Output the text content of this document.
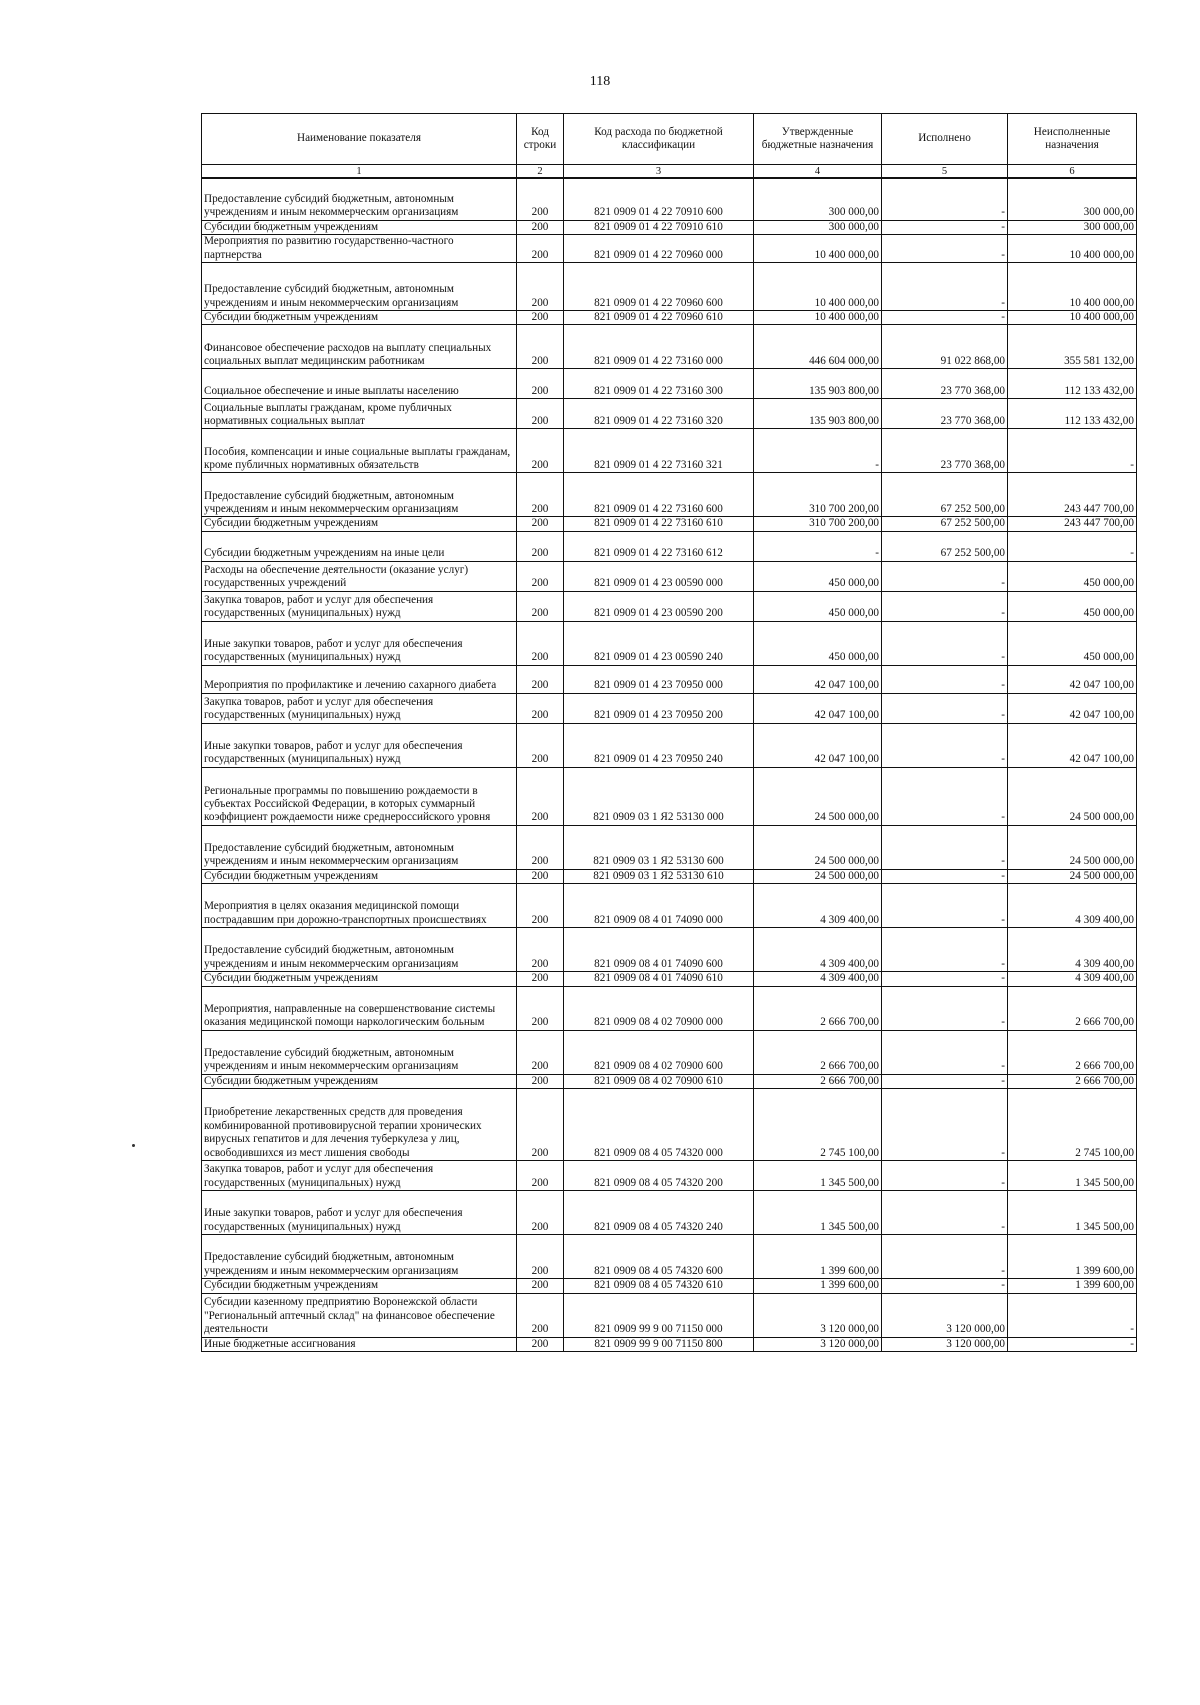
118
Наименование показателя	Код строки	Код расхода по бюджетной классификации	Утвержденные бюджетные назначения	Исполнено	Неисполненные назначения
1	2	3	4	5	6
Предоставление субсидий бюджетным, автономным учреждениям и иным некоммерческим организациям	200	821 0909 01 4 22 70910 600	300 000,00	-	300 000,00
Субсидии бюджетным учреждениям	200	821 0909 01 4 22 70910 610	300 000,00	-	300 000,00
Мероприятия по развитию государственно-частного партнерства	200	821 0909 01 4 22 70960 000	10 400 000,00	-	10 400 000,00
Предоставление субсидий бюджетным, автономным учреждениям и иным некоммерческим организациям	200	821 0909 01 4 22 70960 600	10 400 000,00	-	10 400 000,00
Субсидии бюджетным учреждениям	200	821 0909 01 4 22 70960 610	10 400 000,00	-	10 400 000,00
Финансовое обеспечение расходов на выплату специальных социальных выплат медицинским работникам	200	821 0909 01 4 22 73160 000	446 604 000,00	91 022 868,00	355 581 132,00
Социальное обеспечение и иные выплаты населению	200	821 0909 01 4 22 73160 300	135 903 800,00	23 770 368,00	112 133 432,00
Социальные выплаты гражданам, кроме публичных нормативных социальных выплат	200	821 0909 01 4 22 73160 320	135 903 800,00	23 770 368,00	112 133 432,00
Пособия, компенсации и иные социальные выплаты гражданам, кроме публичных нормативных обязательств	200	821 0909 01 4 22 73160 321	-	23 770 368,00	-
Предоставление субсидий бюджетным, автономным учреждениям и иным некоммерческим организациям	200	821 0909 01 4 22 73160 600	310 700 200,00	67 252 500,00	243 447 700,00
Субсидии бюджетным учреждениям	200	821 0909 01 4 22 73160 610	310 700 200,00	67 252 500,00	243 447 700,00
Субсидии бюджетным учреждениям на иные цели	200	821 0909 01 4 22 73160 612	-	67 252 500,00	-
Расходы на обеспечение деятельности (оказание услуг) государственных учреждений	200	821 0909 01 4 23 00590 000	450 000,00	-	450 000,00
Закупка товаров, работ и услуг для обеспечения государственных (муниципальных) нужд	200	821 0909 01 4 23 00590 200	450 000,00	-	450 000,00
Иные закупки товаров, работ и услуг для обеспечения государственных (муниципальных) нужд	200	821 0909 01 4 23 00590 240	450 000,00	-	450 000,00
Мероприятия по профилактике и лечению сахарного диабета	200	821 0909 01 4 23 70950 000	42 047 100,00	-	42 047 100,00
Закупка товаров, работ и услуг для обеспечения государственных (муниципальных) нужд	200	821 0909 01 4 23 70950 200	42 047 100,00	-	42 047 100,00
Иные закупки товаров, работ и услуг для обеспечения государственных (муниципальных) нужд	200	821 0909 01 4 23 70950 240	42 047 100,00	-	42 047 100,00
Региональные программы по повышению рождаемости в субъектах Российской Федерации, в которых суммарный коэффициент рождаемости ниже среднероссийского уровня	200	821 0909 03 1 Я2 53130 000	24 500 000,00	-	24 500 000,00
Предоставление субсидий бюджетным, автономным учреждениям и иным некоммерческим организациям	200	821 0909 03 1 Я2 53130 600	24 500 000,00	-	24 500 000,00
Субсидии бюджетным учреждениям	200	821 0909 03 1 Я2 53130 610	24 500 000,00	-	24 500 000,00
Мероприятия в целях оказания медицинской помощи пострадавшим при дорожно-транспортных происшествиях	200	821 0909 08 4 01 74090 000	4 309 400,00	-	4 309 400,00
Предоставление субсидий бюджетным, автономным учреждениям и иным некоммерческим организациям	200	821 0909 08 4 01 74090 600	4 309 400,00	-	4 309 400,00
Субсидии бюджетным учреждениям	200	821 0909 08 4 01 74090 610	4 309 400,00	-	4 309 400,00
Мероприятия, направленные на совершенствование системы оказания медицинской помощи наркологическим больным	200	821 0909 08 4 02 70900 000	2 666 700,00	-	2 666 700,00
Предоставление субсидий бюджетным, автономным учреждениям и иным некоммерческим организациям	200	821 0909 08 4 02 70900 600	2 666 700,00	-	2 666 700,00
Субсидии бюджетным учреждениям	200	821 0909 08 4 02 70900 610	2 666 700,00	-	2 666 700,00
Приобретение лекарственных средств для проведения комбинированной противовирусной терапии хронических вирусных гепатитов и для лечения туберкулеза у лиц, освободившихся из мест лишения свободы	200	821 0909 08 4 05 74320 000	2 745 100,00	-	2 745 100,00
Закупка товаров, работ и услуг для обеспечения государственных (муниципальных) нужд	200	821 0909 08 4 05 74320 200	1 345 500,00	-	1 345 500,00
Иные закупки товаров, работ и услуг для обеспечения государственных (муниципальных) нужд	200	821 0909 08 4 05 74320 240	1 345 500,00	-	1 345 500,00
Предоставление субсидий бюджетным, автономным учреждениям и иным некоммерческим организациям	200	821 0909 08 4 05 74320 600	1 399 600,00	-	1 399 600,00
Субсидии бюджетным учреждениям	200	821 0909 08 4 05 74320 610	1 399 600,00	-	1 399 600,00
Субсидии казенному предприятию Воронежской области "Региональный аптечный склад" на финансовое обеспечение деятельности	200	821 0909 99 9 00 71150 000	3 120 000,00	3 120 000,00	-
Иные бюджетные ассигнования	200	821 0909 99 9 00 71150 800	3 120 000,00	3 120 000,00	-
